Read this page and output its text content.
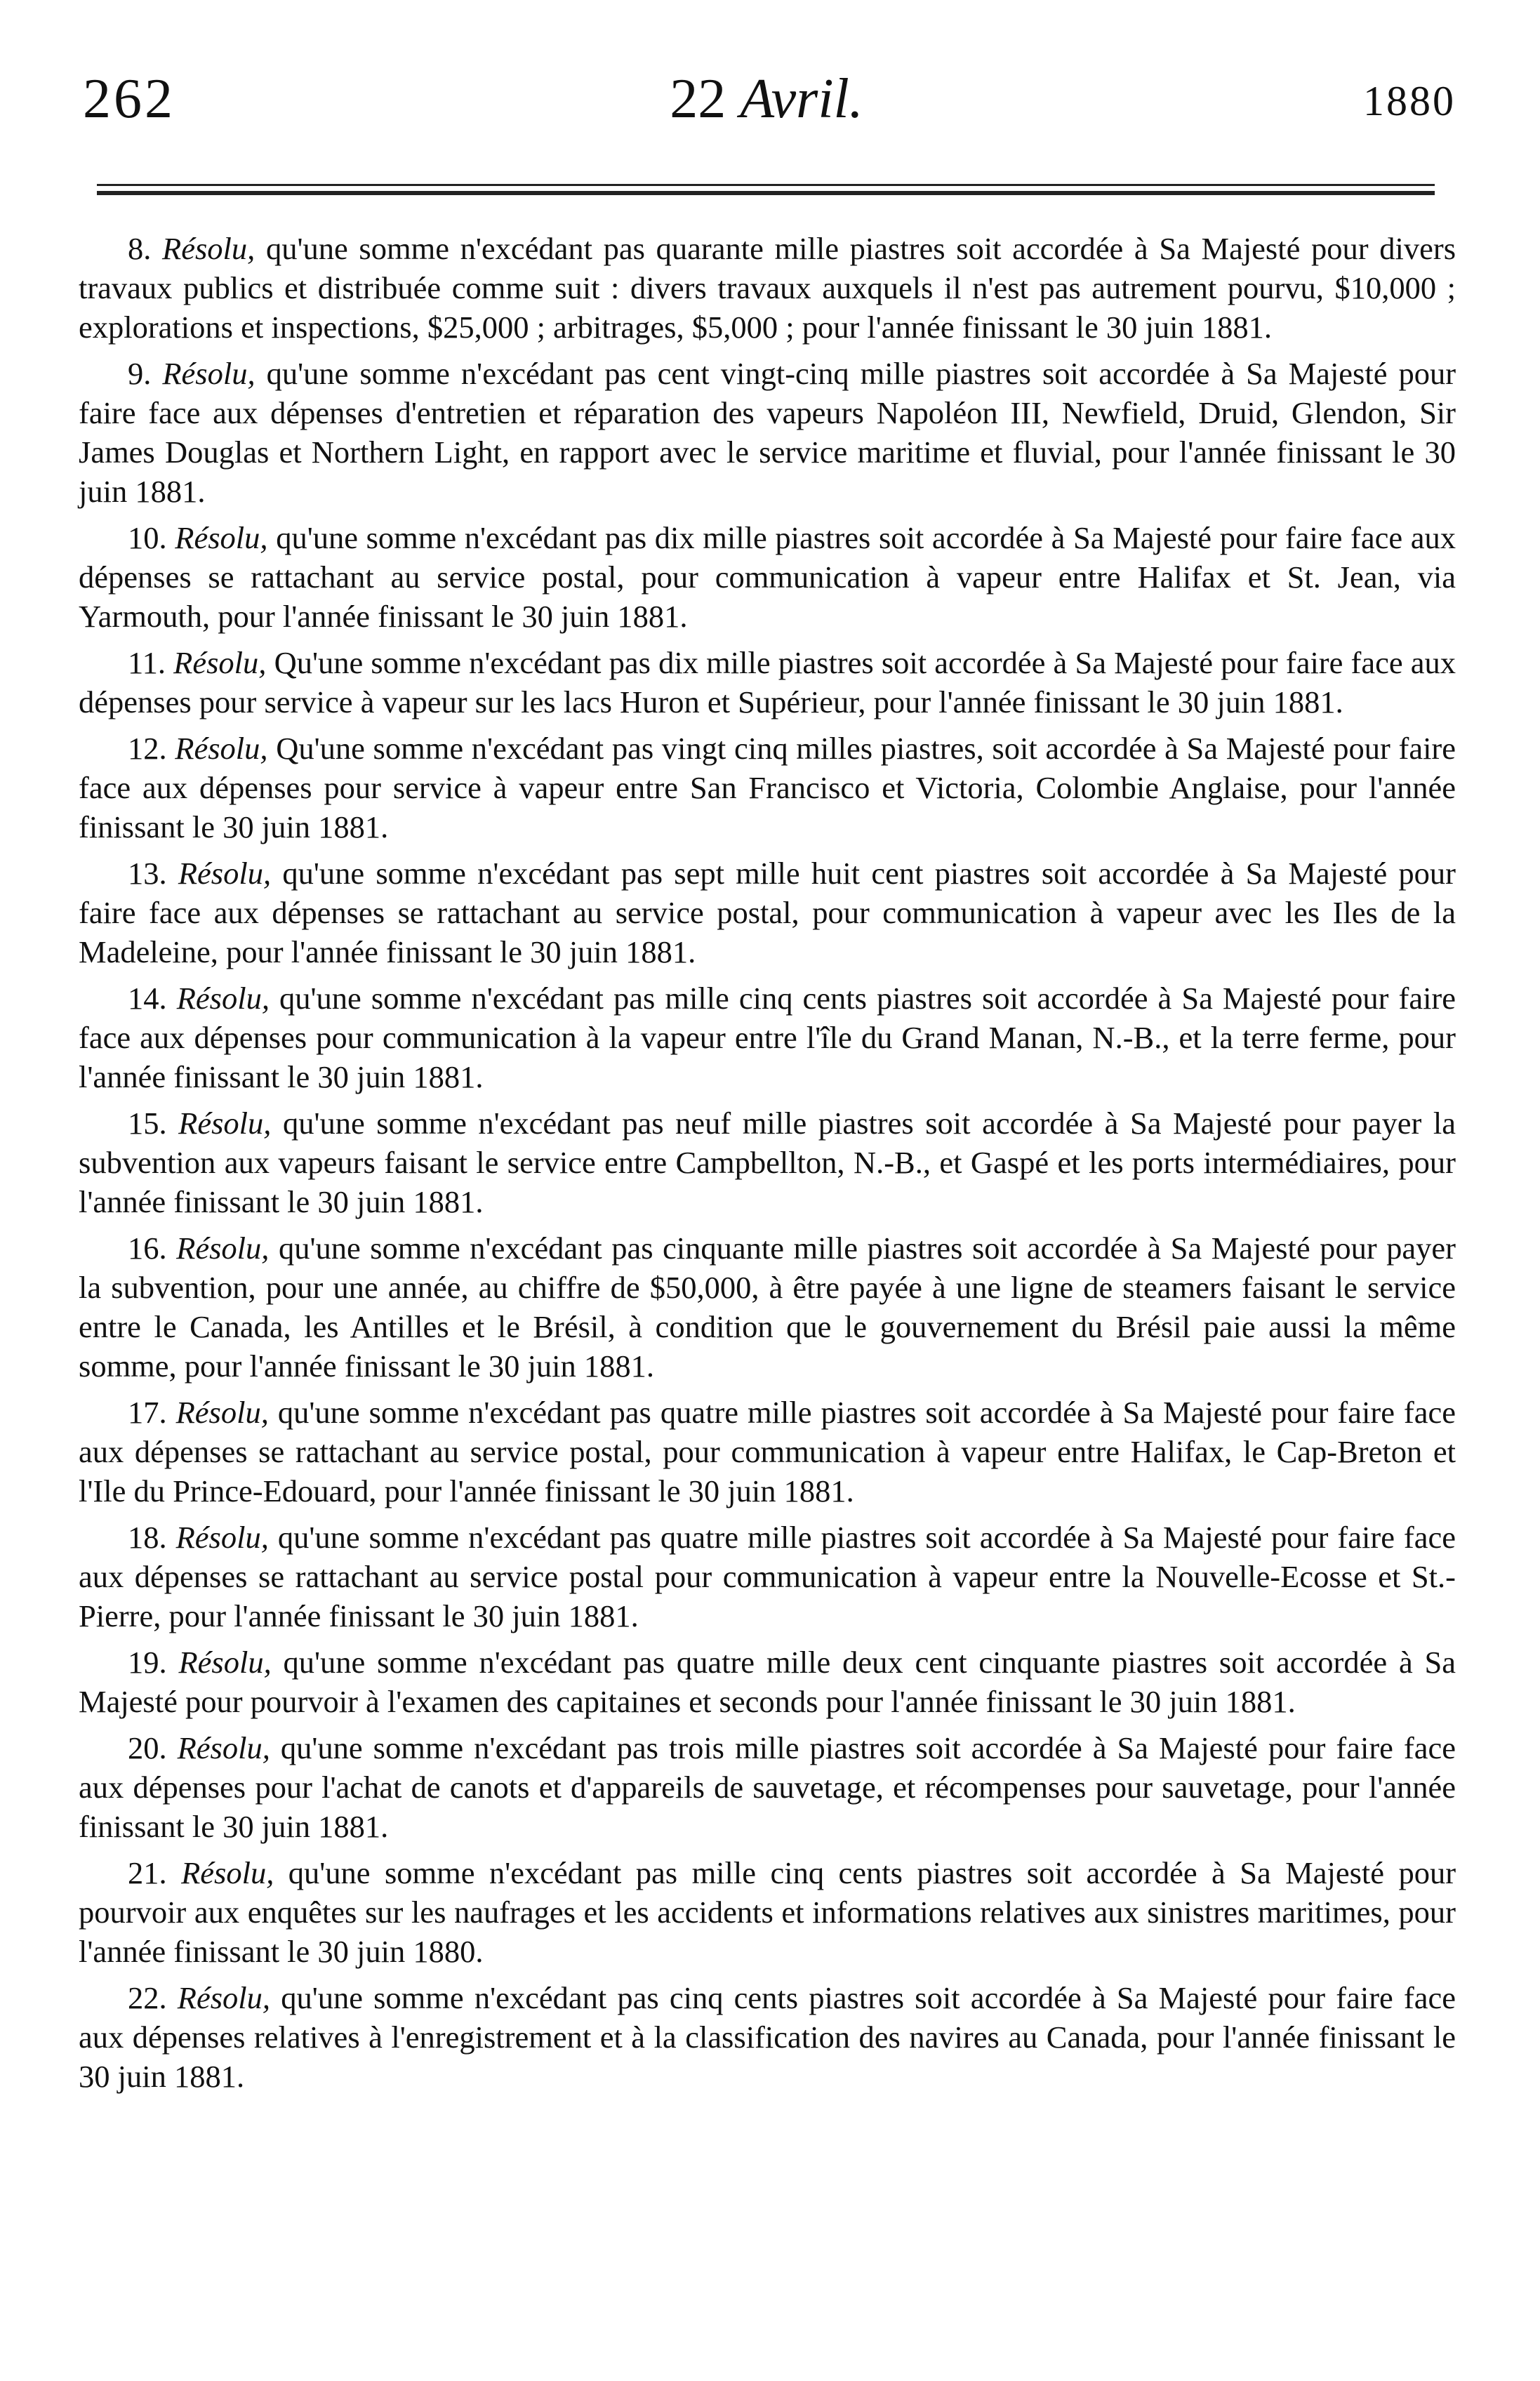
262	22 Avril.	1880

8. Résolu, qu'une somme n'excédant pas quarante mille piastres soit accordée à Sa Majesté pour divers travaux publics et distribuée comme suit : divers travaux auxquels il n'est pas autrement pourvu, $10,000 ; explorations et inspections, $25,000 ; arbitrages, $5,000 ; pour l'année finissant le 30 juin 1881.

9. Résolu, qu'une somme n'excédant pas cent vingt-cinq mille piastres soit accordée à Sa Majesté pour faire face aux dépenses d'entretien et réparation des vapeurs Napoléon III, Newfield, Druid, Glendon, Sir James Douglas et Northern Light, en rapport avec le service maritime et fluvial, pour l'année finissant le 30 juin 1881.

10. Résolu, qu'une somme n'excédant pas dix mille piastres soit accordée à Sa Majesté pour faire face aux dépenses se rattachant au service postal, pour communication à vapeur entre Halifax et St. Jean, via Yarmouth, pour l'année finissant le 30 juin 1881.

11. Résolu, Qu'une somme n'excédant pas dix mille piastres soit accordée à Sa Majesté pour faire face aux dépenses pour service à vapeur sur les lacs Huron et Supérieur, pour l'année finissant le 30 juin 1881.

12. Résolu, Qu'une somme n'excédant pas vingt cinq milles piastres, soit accordée à Sa Majesté pour faire face aux dépenses pour service à vapeur entre San Francisco et Victoria, Colombie Anglaise, pour l'année finissant le 30 juin 1881.

13. Résolu, qu'une somme n'excédant pas sept mille huit cent piastres soit accordée à Sa Majesté pour faire face aux dépenses se rattachant au service postal, pour communication à vapeur avec les Iles de la Madeleine, pour l'année finissant le 30 juin 1881.

14. Résolu, qu'une somme n'excédant pas mille cinq cents piastres soit accordée à Sa Majesté pour faire face aux dépenses pour communication à la vapeur entre l'île du Grand Manan, N.-B., et la terre ferme, pour l'année finissant le 30 juin 1881.

15. Résolu, qu'une somme n'excédant pas neuf mille piastres soit accordée à Sa Majesté pour payer la subvention aux vapeurs faisant le service entre Campbellton, N.-B., et Gaspé et les ports intermédiaires, pour l'année finissant le 30 juin 1881.

16. Résolu, qu'une somme n'excédant pas cinquante mille piastres soit accordée à Sa Majesté pour payer la subvention, pour une année, au chiffre de $50,000, à être payée à une ligne de steamers faisant le service entre le Canada, les Antilles et le Brésil, à condition que le gouvernement du Brésil paie aussi la même somme, pour l'année finissant le 30 juin 1881.

17. Résolu, qu'une somme n'excédant pas quatre mille piastres soit accordée à Sa Majesté pour faire face aux dépenses se rattachant au service postal, pour communication à vapeur entre Halifax, le Cap-Breton et l'Ile du Prince-Edouard, pour l'année finissant le 30 juin 1881.

18. Résolu, qu'une somme n'excédant pas quatre mille piastres soit accordée à Sa Majesté pour faire face aux dépenses se rattachant au service postal pour communication à vapeur entre la Nouvelle-Ecosse et St.-Pierre, pour l'année finissant le 30 juin 1881.

19. Résolu, qu'une somme n'excédant pas quatre mille deux cent cinquante piastres soit accordée à Sa Majesté pour pourvoir à l'examen des capitaines et seconds pour l'année finissant le 30 juin 1881.

20. Résolu, qu'une somme n'excédant pas trois mille piastres soit accordée à Sa Majesté pour faire face aux dépenses pour l'achat de canots et d'appareils de sauvetage, et récompenses pour sauvetage, pour l'année finissant le 30 juin 1881.

21. Résolu, qu'une somme n'excédant pas mille cinq cents piastres soit accordée à Sa Majesté pour pourvoir aux enquêtes sur les naufrages et les accidents et informations relatives aux sinistres maritimes, pour l'année finissant le 30 juin 1880.

22. Résolu, qu'une somme n'excédant pas cinq cents piastres soit accordée à Sa Majesté pour faire face aux dépenses relatives à l'enregistrement et à la classification des navires au Canada, pour l'année finissant le 30 juin 1881.
